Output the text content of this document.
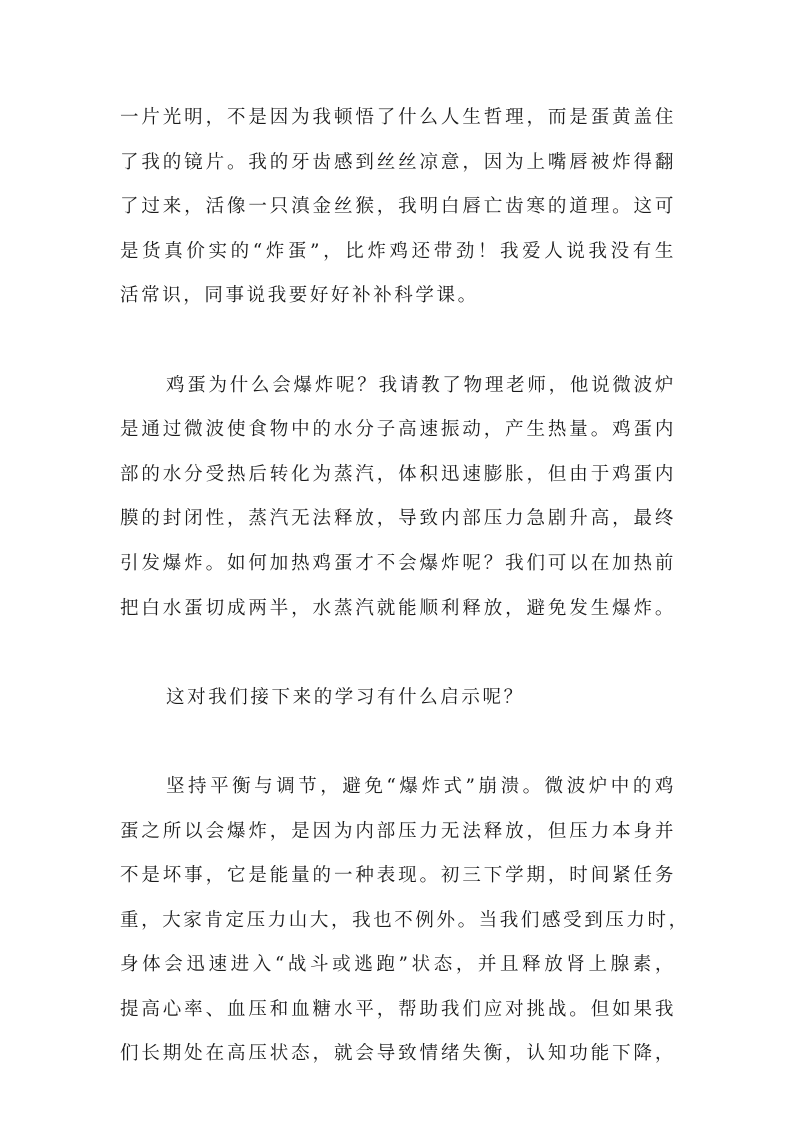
一片光明，不是因为我顿悟了什么人生哲理，而是蛋黄盖住
了我的镜片。我的牙齿感到丝丝凉意，因为上嘴唇被炸得翻
了过来，活像一只滇金丝猴，我明白唇亡齿寒的道理。这可
是货真价实的“炸蛋”，比炸鸡还带劲！我爱人说我没有生
活常识，同事说我要好好补补科学课。
鸡蛋为什么会爆炸呢？我请教了物理老师，他说微波炉
是通过微波使食物中的水分子高速振动，产生热量。鸡蛋内
部的水分受热后转化为蒸汽，体积迅速膨胀，但由于鸡蛋内
膜的封闭性，蒸汽无法释放，导致内部压力急剧升高，最终
引发爆炸。如何加热鸡蛋才不会爆炸呢？我们可以在加热前
把白水蛋切成两半，水蒸汽就能顺利释放，避免发生爆炸。
这对我们接下来的学习有什么启示呢？
坚持平衡与调节，避免“爆炸式”崩溃。微波炉中的鸡
蛋之所以会爆炸，是因为内部压力无法释放，但压力本身并
不是坏事，它是能量的一种表现。初三下学期，时间紧任务
重，大家肯定压力山大，我也不例外。当我们感受到压力时，
身体会迅速进入“战斗或逃跑”状态，并且释放肾上腺素，
提高心率、血压和血糖水平，帮助我们应对挑战。但如果我
们长期处在高压状态，就会导致情绪失衡，认知功能下降，
